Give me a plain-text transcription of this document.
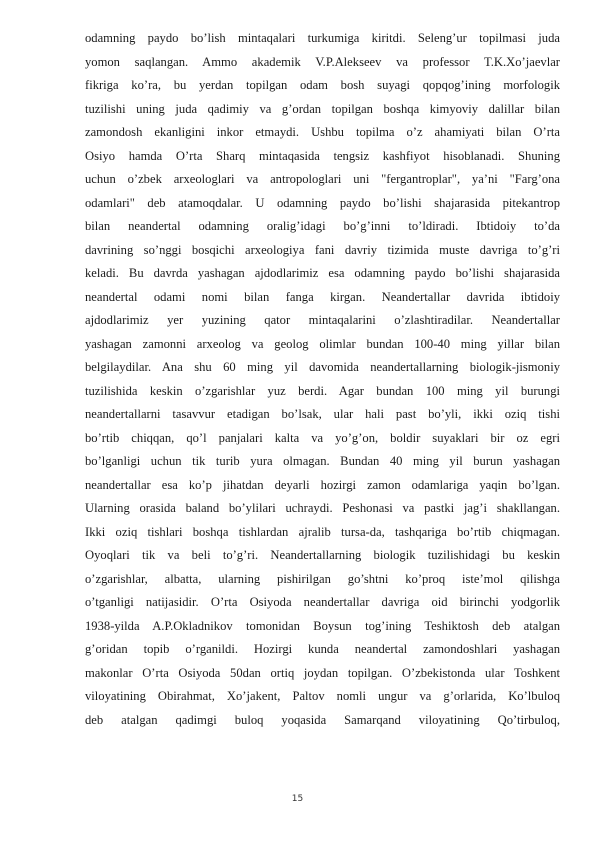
odamning paydo bo’lish mintaqalari turkumiga kiritdi. Seleng’ur topilmasi juda
yomon saqlangan. Ammo akademik V.P.Alekseev va professor T.K.Xo’jaevlar
fikriga ko’ra, bu yerdan topilgan odam bosh suyagi qopqog’ining morfologik
tuzilishi uning juda qadimiy va g’ordan topilgan boshqa kimyoviy dalillar bilan
zamondosh ekanligini inkor etmaydi. Ushbu topilma o’z ahamiyati bilan O’rta
Osiyo hamda O’rta Sharq mintaqasida tengsiz kashfiyot hisoblanadi. Shuning
uchun o’zbek arxeologlari va antropologlari uni "fergantroplar", ya’ni "Farg’ona
odamlari" deb atamoqdalar. U odamning paydo bo’lishi shajarasida pitekantrop
bilan neandertal odamning oralig’idagi bo’g’inni to’ldiradi. Ibtidoiy to’da
davrining so’nggi bosqichi arxeologiya fani davriy tizimida muste davriga to’g’ri
keladi. Bu davrda yashagan ajdodlarimiz esa odamning paydo bo’lishi shajarasida
neandertal odami nomi bilan fanga kirgan. Neandertallar davrida ibtidoiy
ajdodlarimiz yer yuzining qator mintaqalarini o’zlashtiradilar. Neandertallar
yashagan zamonni arxeolog va geolog olimlar bundan 100-40 ming yillar bilan
belgilaydilar. Ana shu 60 ming yil davomida neandertallarning biologik-jismoniy
tuzilishida keskin o’zgarishlar yuz berdi. Agar bundan 100 ming yil burungi
neandertallarni tasavvur etadigan bo’lsak, ular hali past bo’yli, ikki oziq tishi
bo’rtib chiqqan, qo’l panjalari kalta va yo’g’on, boldir suyaklari bir oz egri
bo’lganligi uchun tik turib yura olmagan. Bundan 40 ming yil burun yashagan
neandertallar esa ko’p jihatdan deyarli hozirgi zamon odamlariga yaqin bo’lgan.
Ularning orasida baland bo’ylilari uchraydi. Peshonasi va pastki jag’i shakllangan.
Ikki oziq tishlari boshqa tishlardan ajralib tursa-da, tashqariga bo’rtib chiqmagan.
Oyoqlari tik va beli to’g’ri. Neandertallarning biologik tuzilishidagi bu keskin
o’zgarishlar, albatta, ularning pishirilgan go’shtni ko’proq iste’mol qilishga
o’tganligi natijasidir. O’rta Osiyoda neandertallar davriga oid birinchi yodgorlik
1938-yilda A.P.Okladnikov tomonidan Boysun tog’ining Teshiktosh deb atalgan
g’oridan topib o’rganildi. Hozirgi kunda neandertal zamondoshlari yashagan
makonlar O’rta Osiyoda 50dan ortiq joydan topilgan. O’zbekistonda ular Toshkent
viloyatining Obirahmat, Xo’jakent, Paltov nomli ungur va g’orlarida, Ko’lbuloq
deb atalgan qadimgi buloq yoqasida Samarqand viloyatining Qo’tirbuloq,
15
